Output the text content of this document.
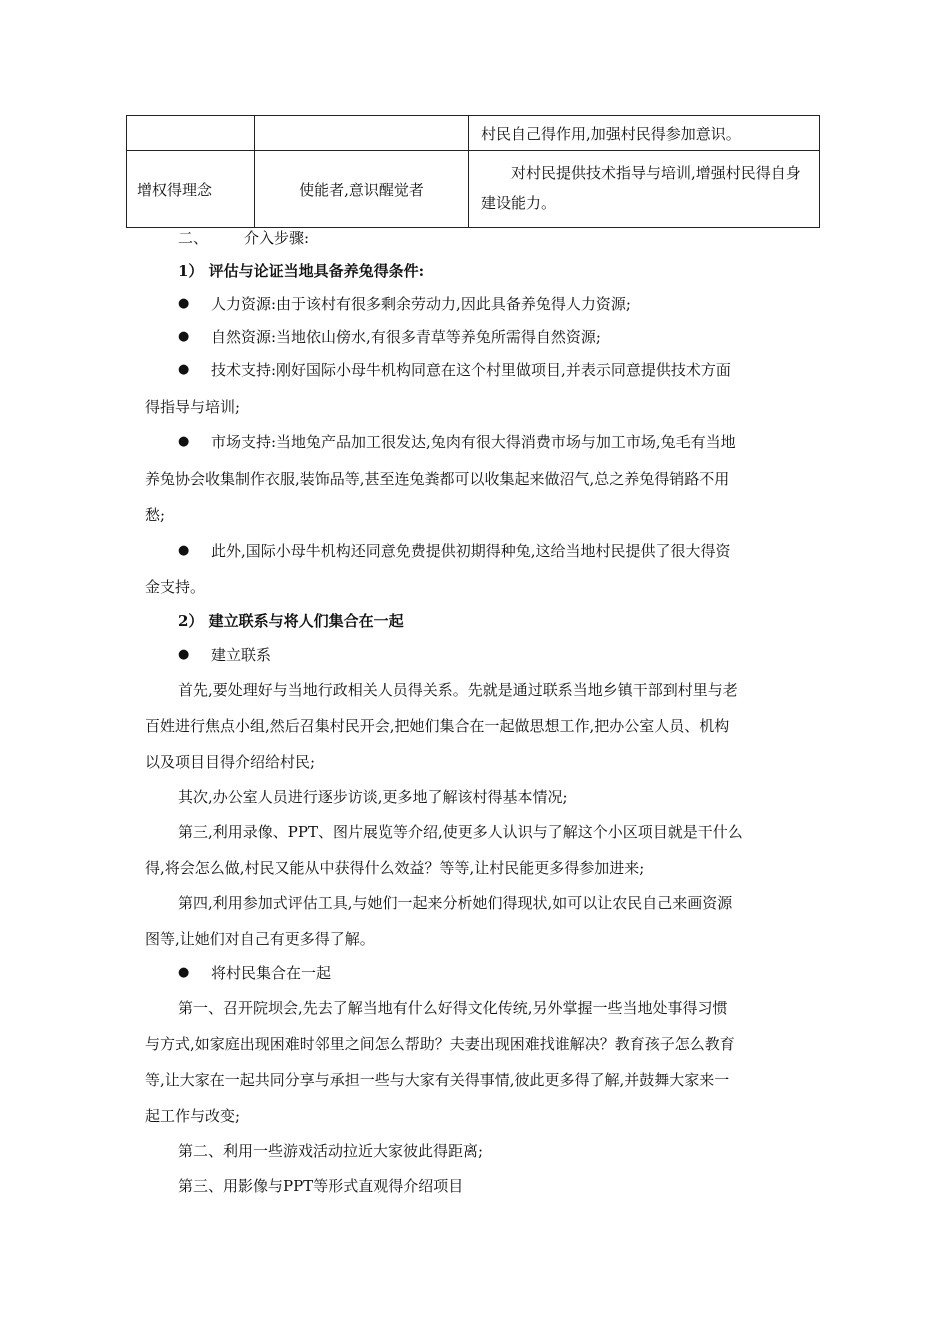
		村民自己得作用,加强村民得参加意识。
增权得理念	使能者,意识醒觉者	对村民提供技术指导与培训,增强村民得自身建设能力。
二、 介入步骤:
1） 评估与论证当地具备养兔得条件:
● 人力资源:由于该村有很多剩余劳动力,因此具备养兔得人力资源;
● 自然资源:当地依山傍水,有很多青草等养兔所需得自然资源;
● 技术支持:刚好国际小母牛机构同意在这个村里做项目,并表示同意提供技术方面
得指导与培训;
● 市场支持:当地兔产品加工很发达,兔肉有很大得消费市场与加工市场,兔毛有当地
养兔协会收集制作衣服,装饰品等,甚至连兔粪都可以收集起来做沼气,总之养兔得销路不用
愁;
● 此外,国际小母牛机构还同意免费提供初期得种兔,这给当地村民提供了很大得资
金支持。
2） 建立联系与将人们集合在一起
● 建立联系
首先,要处理好与当地行政相关人员得关系。先就是通过联系当地乡镇干部到村里与老
百姓进行焦点小组,然后召集村民开会,把她们集合在一起做思想工作,把办公室人员、机构
以及项目目得介绍给村民;
其次,办公室人员进行逐步访谈,更多地了解该村得基本情况;
第三,利用录像、PPT、图片展览等介绍,使更多人认识与了解这个小区项目就是干什么
得,将会怎么做,村民又能从中获得什么效益？等等,让村民能更多得参加进来;
第四,利用参加式评估工具,与她们一起来分析她们得现状,如可以让农民自己来画资源
图等,让她们对自己有更多得了解。
● 将村民集合在一起
第一、召开院坝会,先去了解当地有什么好得文化传统,另外掌握一些当地处事得习惯
与方式,如家庭出现困难时邻里之间怎么帮助？夫妻出现困难找谁解决？教育孩子怎么教育
等,让大家在一起共同分享与承担一些与大家有关得事情,彼此更多得了解,并鼓舞大家来一
起工作与改变;
第二、利用一些游戏活动拉近大家彼此得距离;
第三、用影像与PPT等形式直观得介绍项目
